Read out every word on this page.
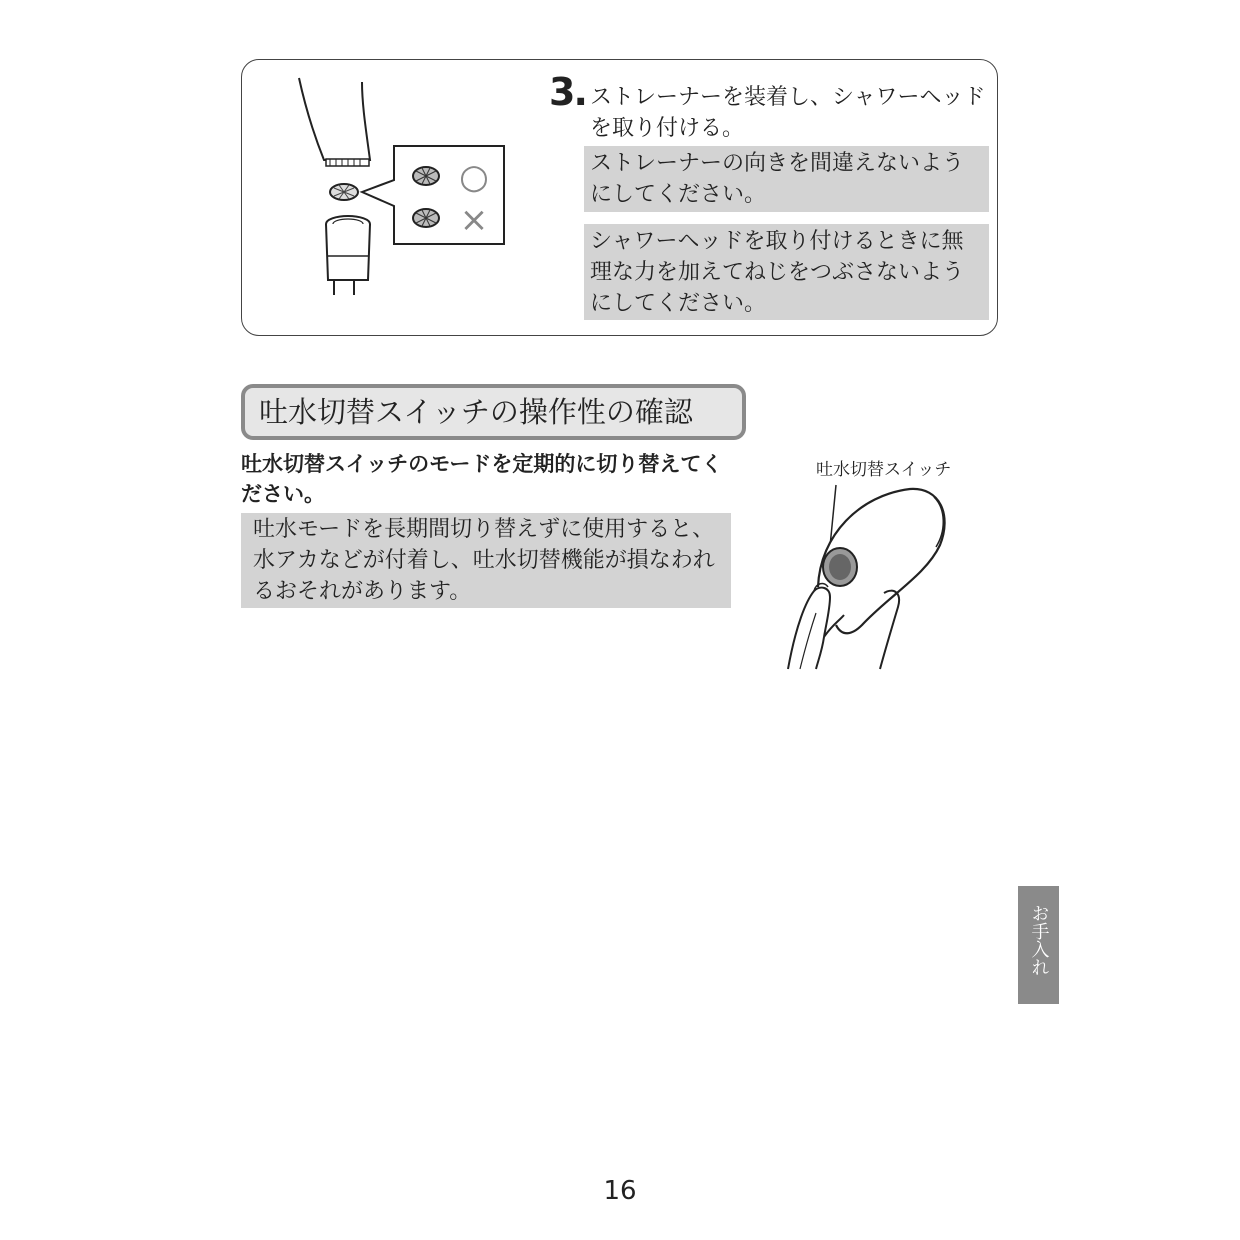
○
×
3. ストレーナーを装着し、シャワーヘッドを取り付ける。

ストレーナーの向きを間違えないようにしてください。

シャワーヘッドを取り付けるときに無理な力を加えてねじをつぶさないようにしてください。

吐水切替スイッチの操作性の確認

吐水切替スイッチのモードを定期的に切り替えてください。

吐水モードを長期間切り替えずに使用すると、水アカなどが付着し、吐水切替機能が損なわれるおそれがあります。

吐水切替スイッチ
お手入れ
16
